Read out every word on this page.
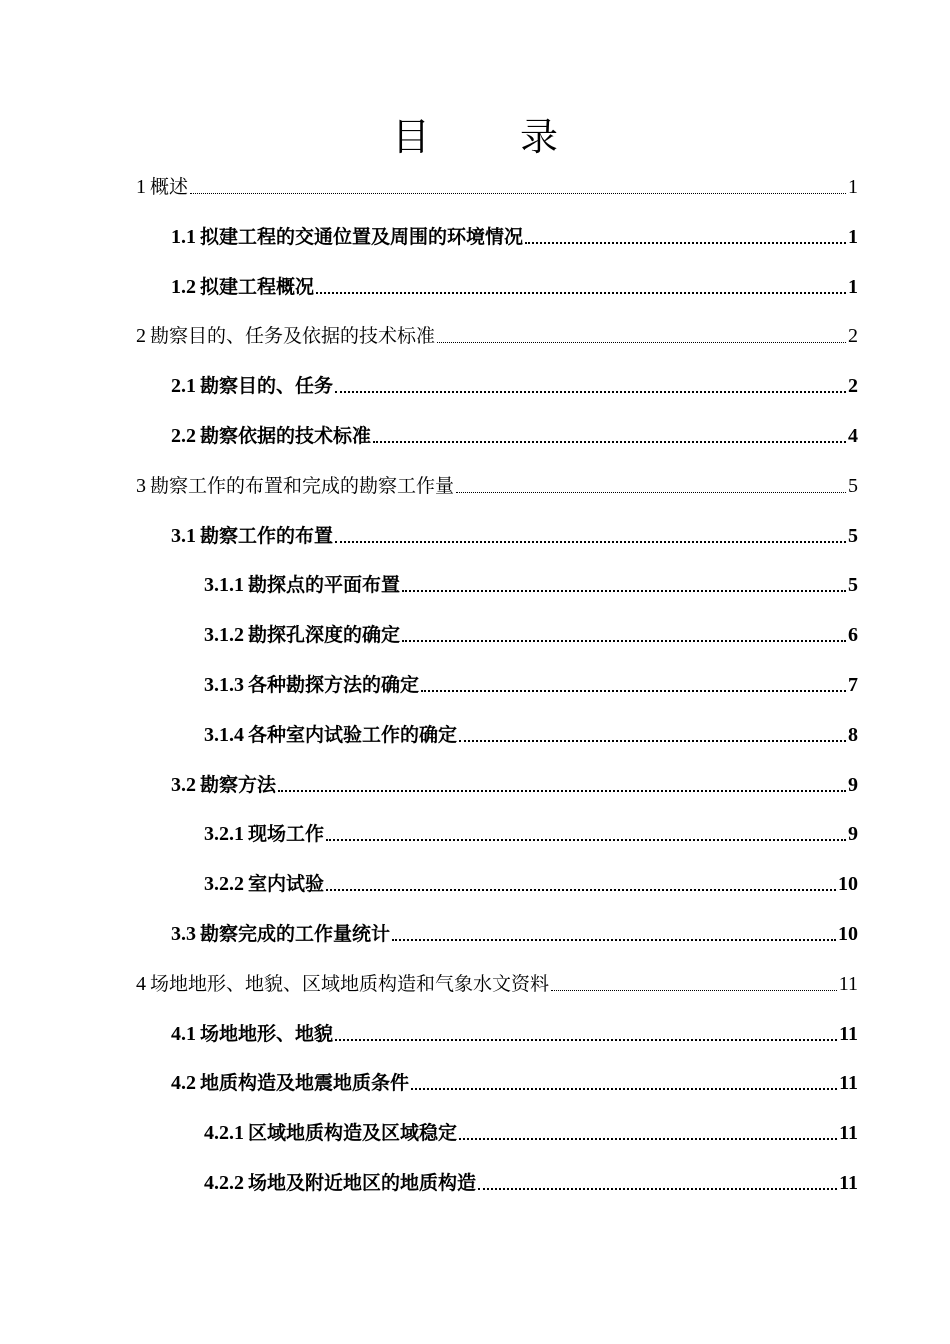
目 录
1 概述	1
1.1 拟建工程的交通位置及周围的环境情况	1
1.2 拟建工程概况	1
2 勘察目的、任务及依据的技术标准	2
2.1 勘察目的、任务	2
2.2 勘察依据的技术标准	4
3 勘察工作的布置和完成的勘察工作量	5
3.1 勘察工作的布置	5
3.1.1 勘探点的平面布置	5
3.1.2 勘探孔深度的确定	6
3.1.3 各种勘探方法的确定	7
3.1.4 各种室内试验工作的确定	8
3.2 勘察方法	9
3.2.1 现场工作	9
3.2.2 室内试验	10
3.3 勘察完成的工作量统计	10
4 场地地形、地貌、区域地质构造和气象水文资料	11
4.1 场地地形、地貌	11
4.2 地质构造及地震地质条件	11
4.2.1 区域地质构造及区域稳定	11
4.2.2 场地及附近地区的地质构造	11
